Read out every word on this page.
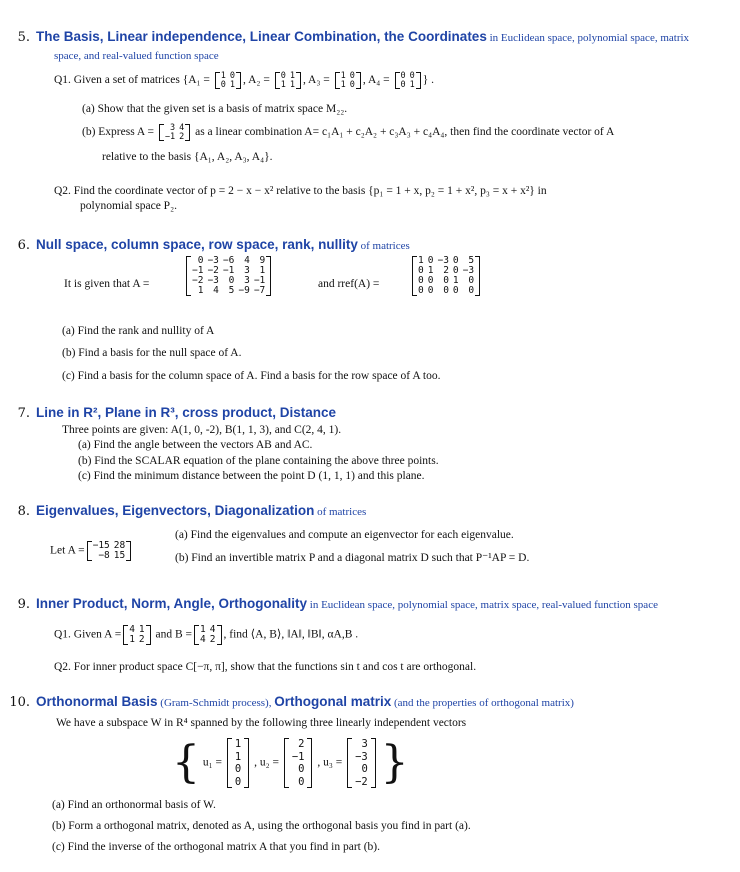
5. The Basis, Linear independence, Linear Combination, the Coordinates in Euclidean space, polynomial space, matrix
space, and real-valued function space
Q1. Given a set of matrices {A₁ = 1	0
0	1 , A₂ = 0	1
1	1 , A₃ = 1	0
1	0 , A₄ = 0	0
0	1 } .
(a) Show that the given set is a basis of matrix space M₂₂.
(b) Express A = 3	4
−1	2 as a linear combination A= c₁A₁ + c₂A₂ + c₃A₃ + c₄A₄, then find the coordinate vector of A
relative to the basis {A₁, A₂, A₃, A₄}.
Q2. Find the coordinate vector of p = 2 − x − x² relative to the basis {p₁ = 1 + x, p₂ = 1 + x², p₃ = x + x²} in
polynomial space P₂.
6. Null space, column space, row space, rank, nullity of matrices
It is given that A =
0	−3	−6	4	9
−1	−2	−1	3	1
−2	−3	0	3	−1
1	4	5	−9	−7
and rref(A) =
1	0	−3	0	5
0	1	2	0	−3
0	0	0	1	0
0	0	0	0	0
(a) Find the rank and nullity of A
(b) Find a basis for the null space of A.
(c) Find a basis for the column space of A. Find a basis for the row space of A too.
7. Line in R², Plane in R³, cross product, Distance
Three points are given: A(1, 0, -2), B(1, 1, 3), and C(2, 4, 1).
(a) Find the angle between the vectors AB and AC.
(b) Find the SCALAR equation of the plane containing the above three points.
(c) Find the minimum distance between the point D (1, 1, 1) and this plane.
8. Eigenvalues, Eigenvectors, Diagonalization of matrices
Let A = −15	28
−8	15
(a) Find the eigenvalues and compute an eigenvector for each eigenvalue.
(b) Find an invertible matrix P and a diagonal matrix D such that P⁻¹AP = D.
9. Inner Product, Norm, Angle, Orthogonality in Euclidean space, polynomial space, matrix space, real-valued function space
Q1. Given A = 4	1
1	2 and B = 1	4
4	2 , find ⟨A, B⟩, ‖A‖, ‖B‖, αA,B .
Q2. For inner product space C[−π, π], show that the functions sin t and cos t are orthogonal.
10. Orthonormal Basis (Gram-Schmidt process), Orthogonal matrix (and the properties of orthogonal matrix)
We have a subspace W in R⁴ spanned by the following three linearly independent vectors
{ u₁ =
1
1
0
0
, u₂ =
2
−1
0
0
, u₃ =
3
−3
0
−2 }
(a) Find an orthonormal basis of W.
(b) Form a orthogonal matrix, denoted as A, using the orthogonal basis you find in part (a).
(c) Find the inverse of the orthogonal matrix A that you find in part (b).
